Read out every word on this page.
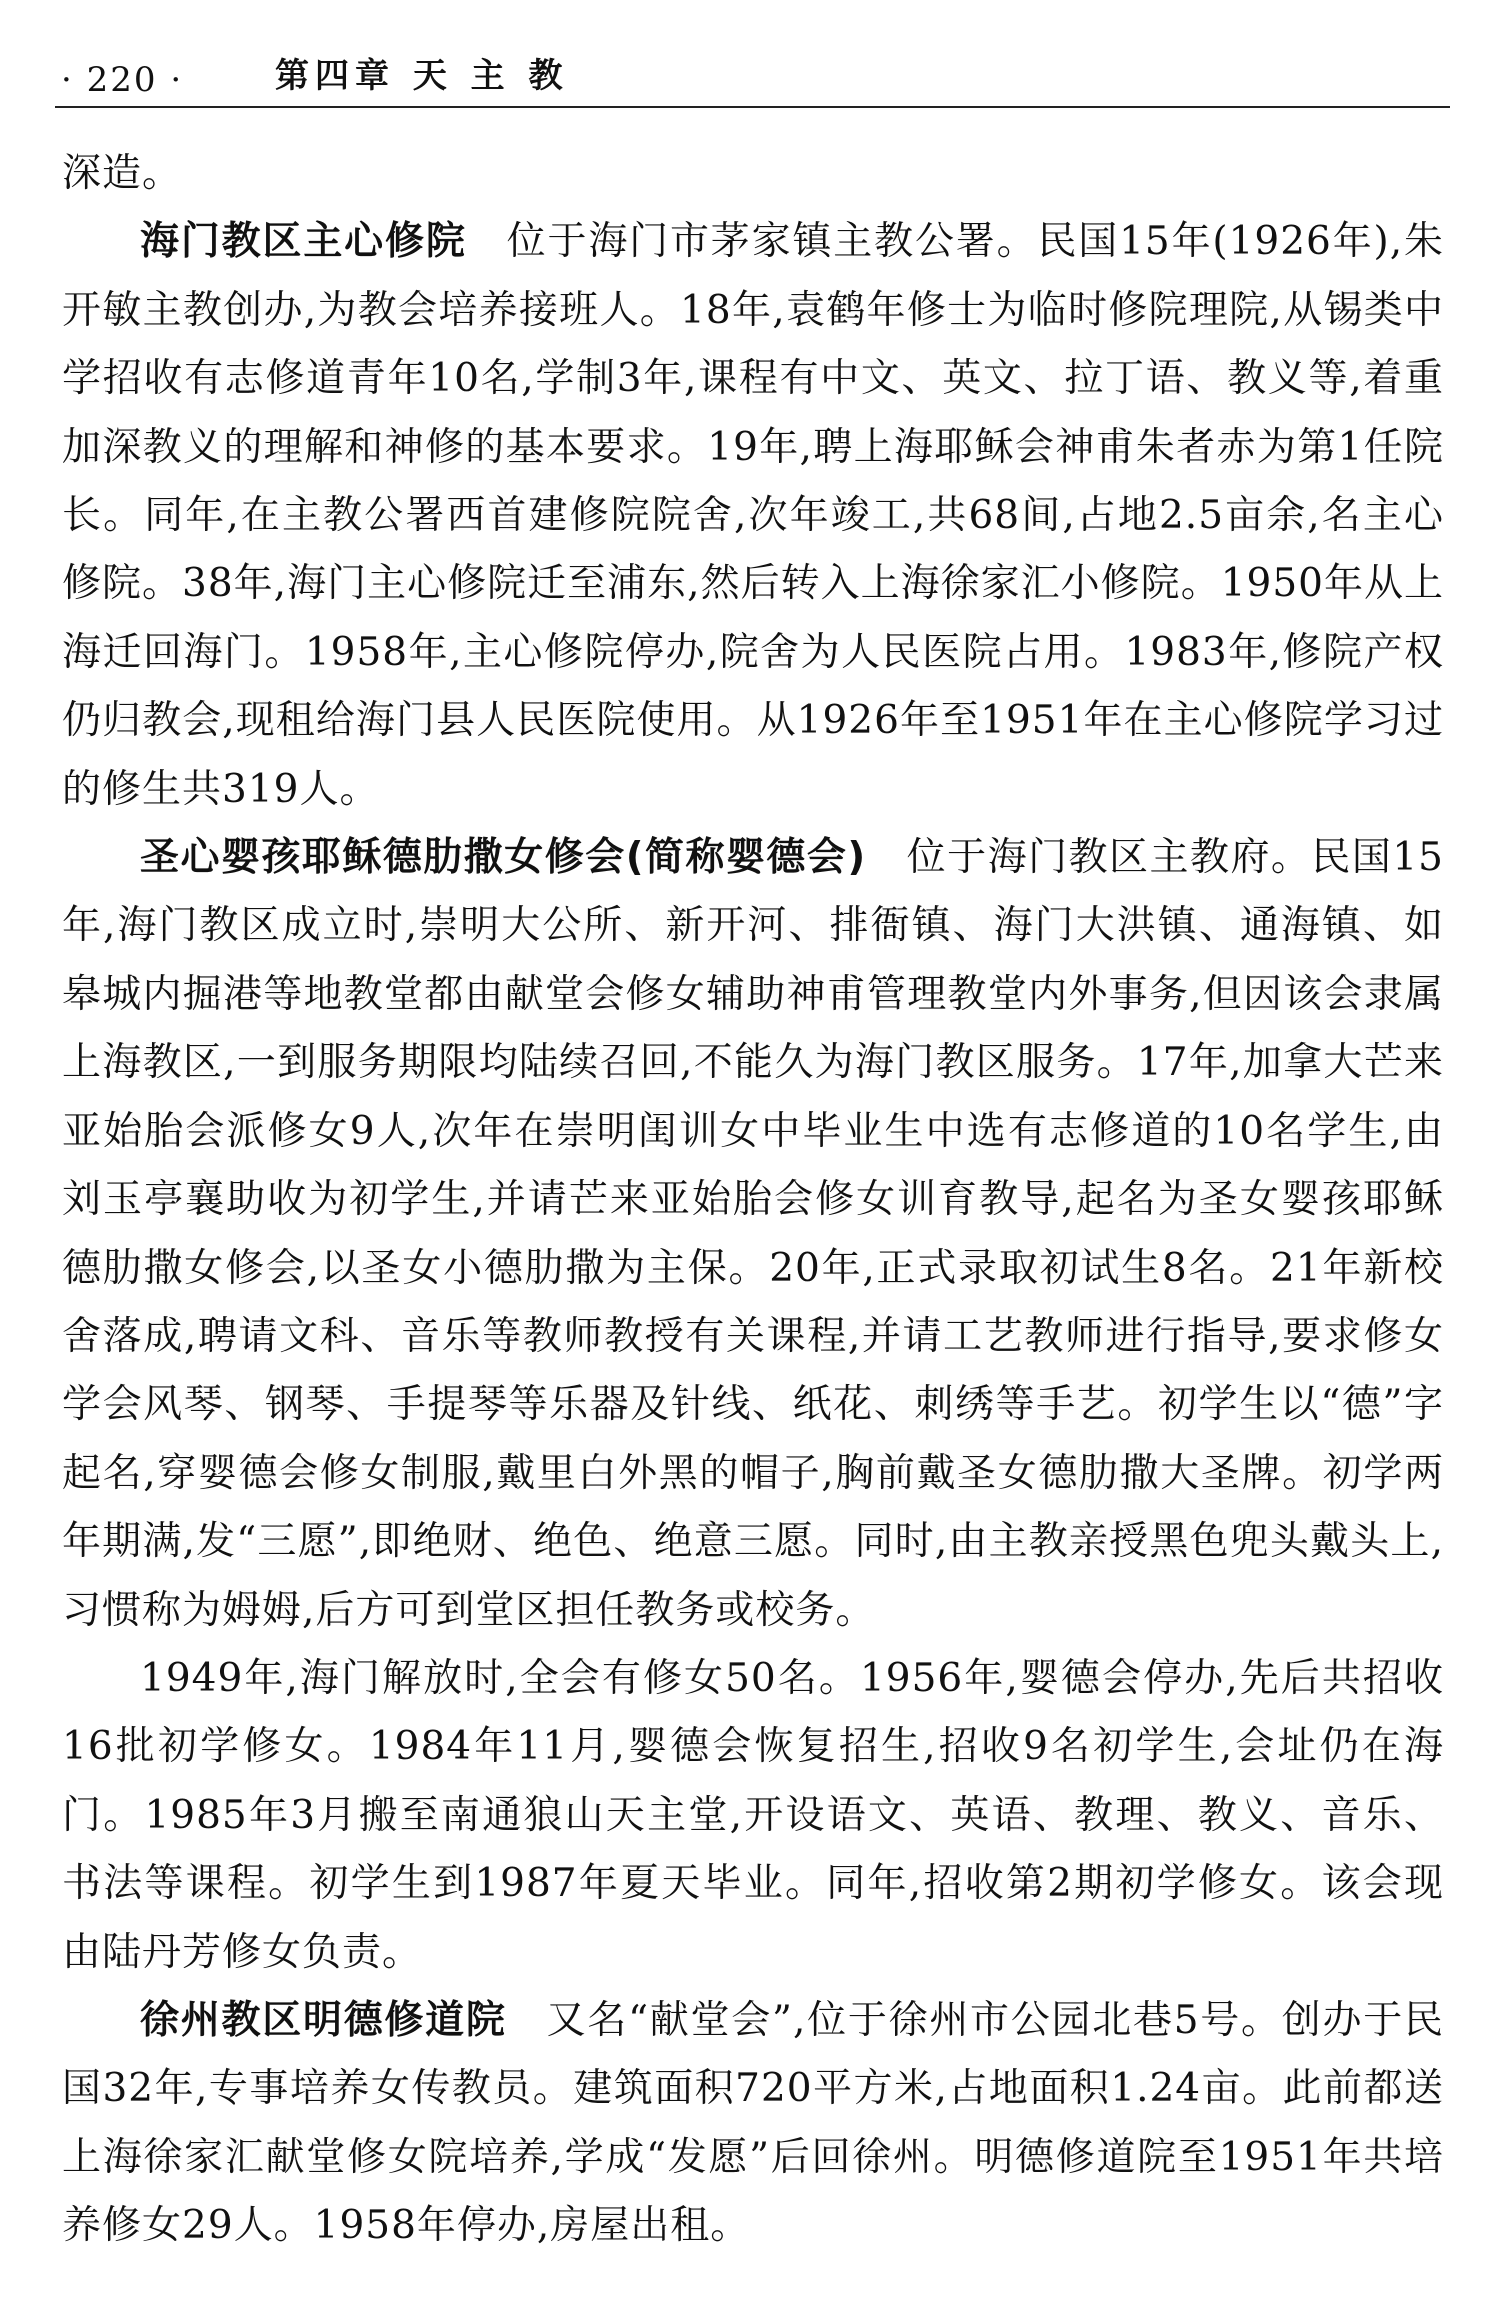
· 220 ·	第四章 天 主 教

深造。

海门教区主心修院 位于海门市茅家镇主教公署。民国15年(1926年),朱开敏主教创办,为教会培养接班人。18年,袁鹤年修士为临时修院理院,从锡类中学招收有志修道青年10名,学制3年,课程有中文、英文、拉丁语、教义等,着重加深教义的理解和神修的基本要求。19年,聘上海耶稣会神甫朱者赤为第1任院长。同年,在主教公署西首建修院院舍,次年竣工,共68间,占地2.5亩余,名主心修院。38年,海门主心修院迁至浦东,然后转入上海徐家汇小修院。1950年从上海迁回海门。1958年,主心修院停办,院舍为人民医院占用。1983年,修院产权仍归教会,现租给海门县人民医院使用。从1926年至1951年在主心修院学习过的修生共319人。

圣心婴孩耶稣德肋撒女修会(简称婴德会) 位于海门教区主教府。民国15年,海门教区成立时,崇明大公所、新开河、排衙镇、海门大洪镇、通海镇、如皋城内掘港等地教堂都由献堂会修女辅助神甫管理教堂内外事务,但因该会隶属上海教区,一到服务期限均陆续召回,不能久为海门教区服务。17年,加拿大芒来亚始胎会派修女9人,次年在崇明闺训女中毕业生中选有志修道的10名学生,由刘玉亭襄助收为初学生,并请芒来亚始胎会修女训育教导,起名为圣女婴孩耶稣德肋撒女修会,以圣女小德肋撒为主保。20年,正式录取初试生8名。21年新校舍落成,聘请文科、音乐等教师教授有关课程,并请工艺教师进行指导,要求修女学会风琴、钢琴、手提琴等乐器及针线、纸花、刺绣等手艺。初学生以“德”字起名,穿婴德会修女制服,戴里白外黑的帽子,胸前戴圣女德肋撒大圣牌。初学两年期满,发“三愿”,即绝财、绝色、绝意三愿。同时,由主教亲授黑色兜头戴头上,习惯称为姆姆,后方可到堂区担任教务或校务。

1949年,海门解放时,全会有修女50名。1956年,婴德会停办,先后共招收16批初学修女。1984年11月,婴德会恢复招生,招收9名初学生,会址仍在海门。1985年3月搬至南通狼山天主堂,开设语文、英语、教理、教义、音乐、书法等课程。初学生到1987年夏天毕业。同年,招收第2期初学修女。该会现由陆丹芳修女负责。

徐州教区明德修道院 又名“献堂会”,位于徐州市公园北巷5号。创办于民国32年,专事培养女传教员。建筑面积720平方米,占地面积1.24亩。此前都送上海徐家汇献堂修女院培养,学成“发愿”后回徐州。明德修道院至1951年共培养修女29人。1958年停办,房屋出租。
